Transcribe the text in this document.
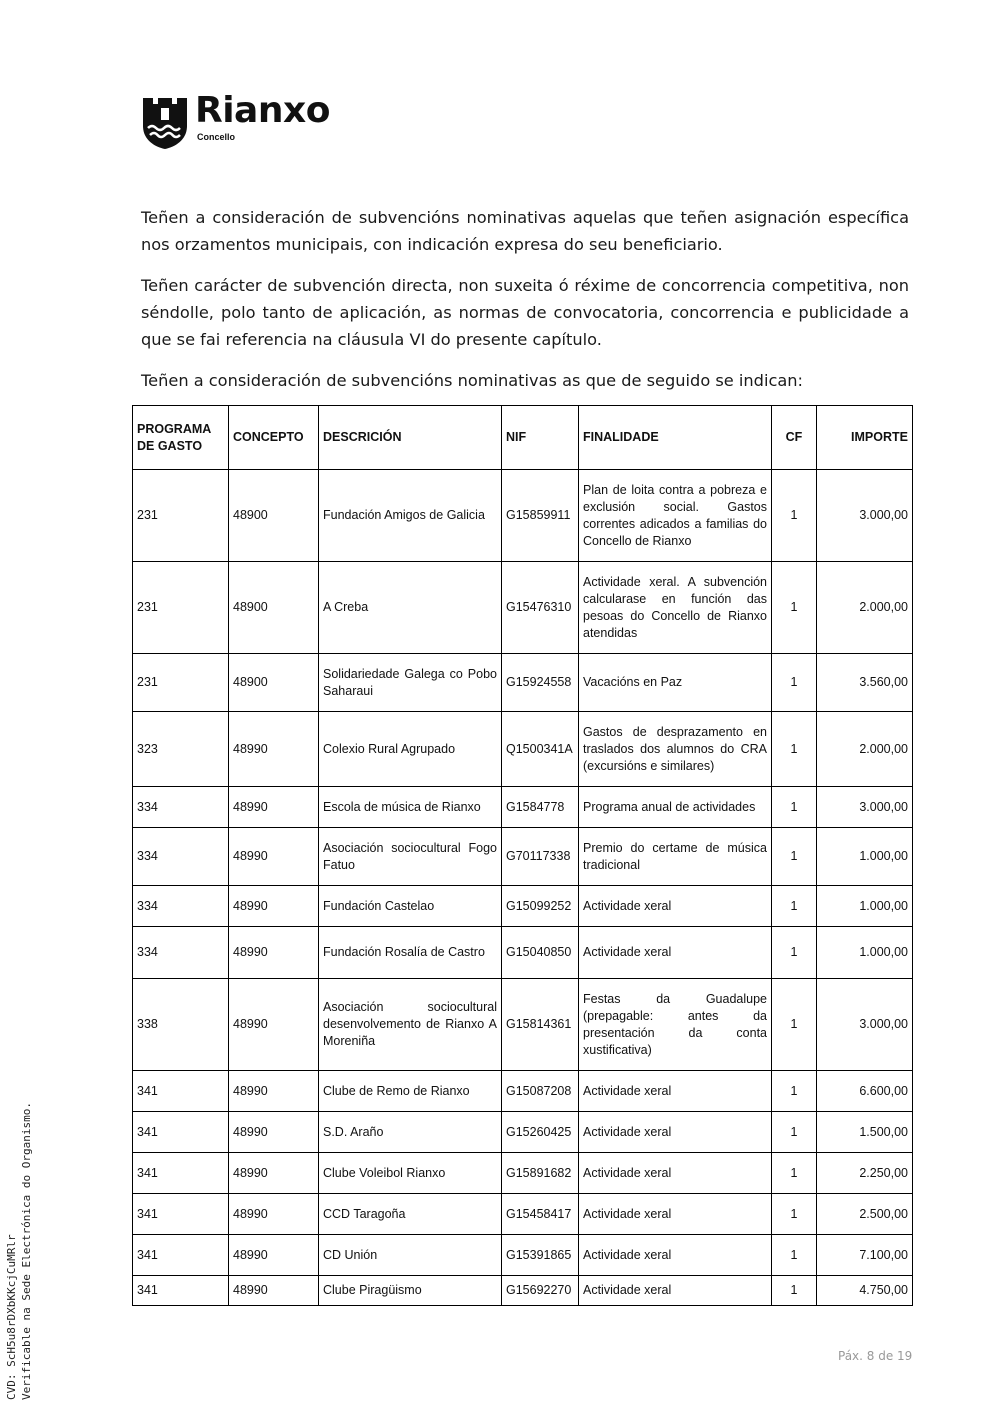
Rianxo
Concello

Teñen a consideración de subvencións nominativas aquelas que teñen asignación específica nos orzamentos municipais, con indicación expresa do seu beneficiario.

Teñen carácter de subvención directa, non suxeita ó réxime de concorrencia competitiva, non séndolle, polo tanto de aplicación, as normas de convocatoria, concorrencia e publicidade a que se fai referencia na cláusula VI do presente capítulo.

Teñen a consideración de subvencións nominativas as que de seguido se indican:

PROGRAMA DE GASTO	CONCEPTO	DESCRICIÓN	NIF	FINALIDADE	CF	IMPORTE
231	48900	Fundación Amigos de Galicia	G15859911	Plan de loita contra a pobreza e exclusión social. Gastos correntes adicados a familias do Concello de Rianxo	1	3.000,00
231	48900	A Creba	G15476310	Actividade xeral. A subvención calcularase en función das pesoas do Concello de Rianxo atendidas	1	2.000,00
231	48900	Solidariedade Galega co Pobo Saharaui	G15924558	Vacacións en Paz	1	3.560,00
323	48990	Colexio Rural Agrupado	Q1500341A	Gastos de desprazamento en traslados dos alumnos do CRA (excursións e similares)	1	2.000,00
334	48990	Escola de música de Rianxo	G1584778	Programa anual de actividades	1	3.000,00
334	48990	Asociación sociocultural Fogo Fatuo	G70117338	Premio do certame de música tradicional	1	1.000,00
334	48990	Fundación Castelao	G15099252	Actividade xeral	1	1.000,00
334	48990	Fundación Rosalía de Castro	G15040850	Actividade xeral	1	1.000,00
338	48990	Asociación sociocultural desenvolvemento de Rianxo A Moreniña	G15814361	Festas da Guadalupe (prepagable: antes da presentación da conta xustificativa)	1	3.000,00
341	48990	Clube de Remo de Rianxo	G15087208	Actividade xeral	1	6.600,00
341	48990	S.D. Araño	G15260425	Actividade xeral	1	1.500,00
341	48990	Clube Voleibol Rianxo	G15891682	Actividade xeral	1	2.250,00
341	48990	CCD Taragoña	G15458417	Actividade xeral	1	2.500,00
341	48990	CD Unión	G15391865	Actividade xeral	1	7.100,00
341	48990	Clube Piragüismo	G15692270	Actividade xeral	1	4.750,00
CVD: ScH5u8rDXbKKcjCuMRlr Verificable na Sede Electrónica do Organismo.	Páx. 8 de 19
